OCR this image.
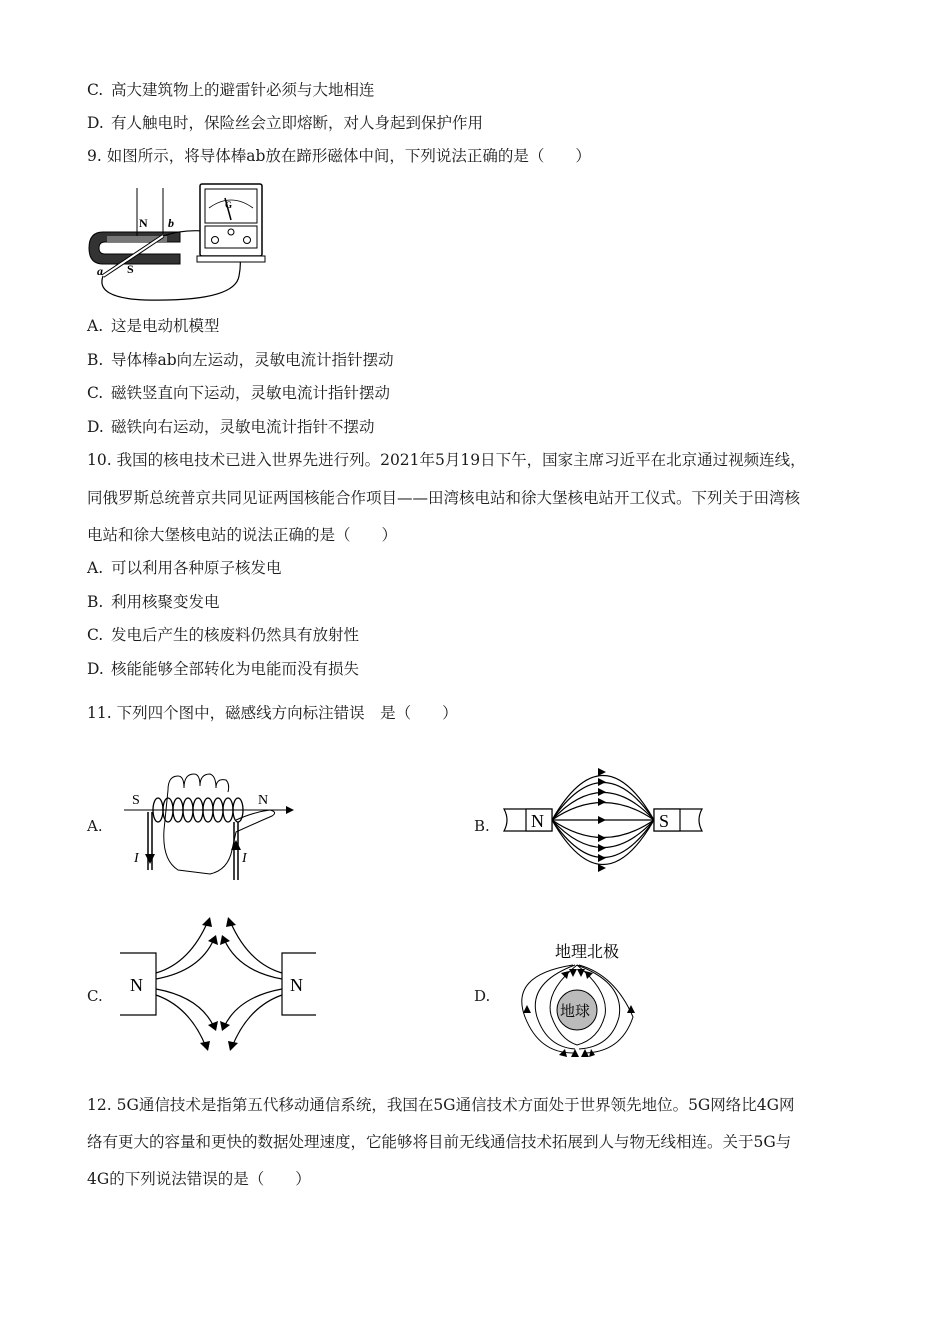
C. 高大建筑物上的避雷针必须与大地相连
D. 有人触电时，保险丝会立即熔断，对人身起到保护作用
9. 如图所示，将导体棒ab放在蹄形磁体中间，下列说法正确的是（　　）
N b
a S
G
A. 这是电动机模型
B. 导体棒ab向左运动，灵敏电流计指针摆动
C. 磁铁竖直向下运动，灵敏电流计指针摆动
D. 磁铁向右运动，灵敏电流计指针不摆动
10. 我国的核电技术已进入世界先进行列。2021年5月19日下午，国家主席习近平在北京通过视频连线，
同俄罗斯总统普京共同见证两国核能合作项目——田湾核电站和徐大堡核电站开工仪式。下列关于田湾核
电站和徐大堡核电站的说法正确的是（　　）
A. 可以利用各种原子核发电
B. 利用核聚变发电
C. 发电后产生的核废料仍然具有放射性
D. 核能能够全部转化为电能而没有损失
11. 下列四个图中，磁感线方向标注错误　是（　　）
A.
S	N
I	I
B. N	S
C.
N	N
D.
地理北极
地球
12. 5G通信技术是指第五代移动通信系统，我国在5G通信技术方面处于世界领先地位。5G网络比4G网
络有更大的容量和更快的数据处理速度，它能够将目前无线通信技术拓展到人与物无线相连。关于5G与
4G的下列说法错误的是（　　）
